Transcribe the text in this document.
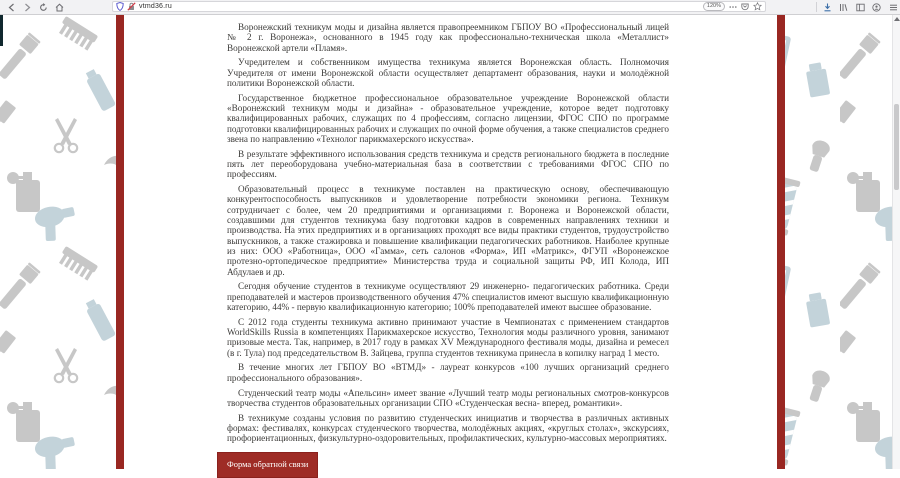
vtmd36.ru	120%

Воронежский техникум моды и дизайна является правопреемником ГБПОУ ВО «Профессиональный лицей № 2 г. Воронежа», основанного в 1945 году как профессионально-техническая школа «Металлист» Воронежской артели «Пламя».

Учредителем и собственником имущества техникума является Воронежская область. Полномочия Учредителя от имени Воронежской области осуществляет департамент образования, науки и молодёжной политики Воронежской области.

Государственное бюджетное профессиональное образовательное учреждение Воронежской области «Воронежский техникум моды и дизайна» - образовательное учреждение, которое ведет подготовку квалифицированных рабочих, служащих по 4 профессиям, согласно лицензии, ФГОС СПО по программе подготовки квалифицированных рабочих и служащих по очной форме обучения, а также специалистов среднего звена по направлению «Технолог парикмахерского искусства».

В результате эффективного использования средств техникума и средств регионального бюджета в последние пять лет переоборудована учебно-материальная база в соответствии с требованиями ФГОС СПО по профессиям.

Образовательный процесс в техникуме поставлен на практическую основу, обеспечивающую конкурентоспособность выпускников и удовлетворение потребности экономики региона. Техникум сотрудничает с более, чем 20 предприятиями и организациями г. Воронежа и Воронежской области, создавшими для студентов техникума базу подготовки кадров в современных направлениях техники и производства. На этих предприятиях и в организациях проходят все виды практики студентов, трудоустройство выпускников, а также стажировка и повышение квалификации педагогических работников. Наиболее крупные из них: ООО «Работница», ООО «Гамма», сеть салонов «Форма», ИП «Матрикс», ФГУП «Воронежское протезно-ортопедическое предприятие» Министерства труда и социальной защиты РФ, ИП Колода, ИП Абдулаев и др.

Сегодня обучение студентов в техникуме осуществляют 29 инженерно- педагогических работника. Среди преподавателей и мастеров производственного обучения 47% специалистов имеют высшую квалификационную категорию, 44% - первую квалификационную категорию; 100% преподавателей имеют высшее образование.

С 2012 года студенты техникума активно принимают участие в Чемпионатах с применением стандартов WorldSkills Russia в компетенциях Парикмахерское искусство, Технология моды различного уровня, занимают призовые места. Так, например, в 2017 году в рамках XV Международного фестиваля моды, дизайна и ремесел (в г. Тула) под председательством В. Зайцева, группа студентов техникума принесла в копилку наград 1 место.

В течение многих лет ГБПОУ ВО «ВТМД» - лауреат конкурсов «100 лучших организаций среднего профессионального образования».

Студенческий театр моды «Апельсин» имеет звание «Лучший театр моды региональных смотров-конкурсов творчества студентов образовательных организации СПО «Студенческая весна- вперед, романтики».

В техникуме созданы условия по развитию студенческих инициатив и творчества в различных активных формах: фестивалях, конкурсах студенческого творчества, молодёжных акциях, «круглых столах», экскурсиях, профориентационных, физкультурно-оздоровительных, профилактических, культурно-массовых мероприятиях.

Форма обратной связи
